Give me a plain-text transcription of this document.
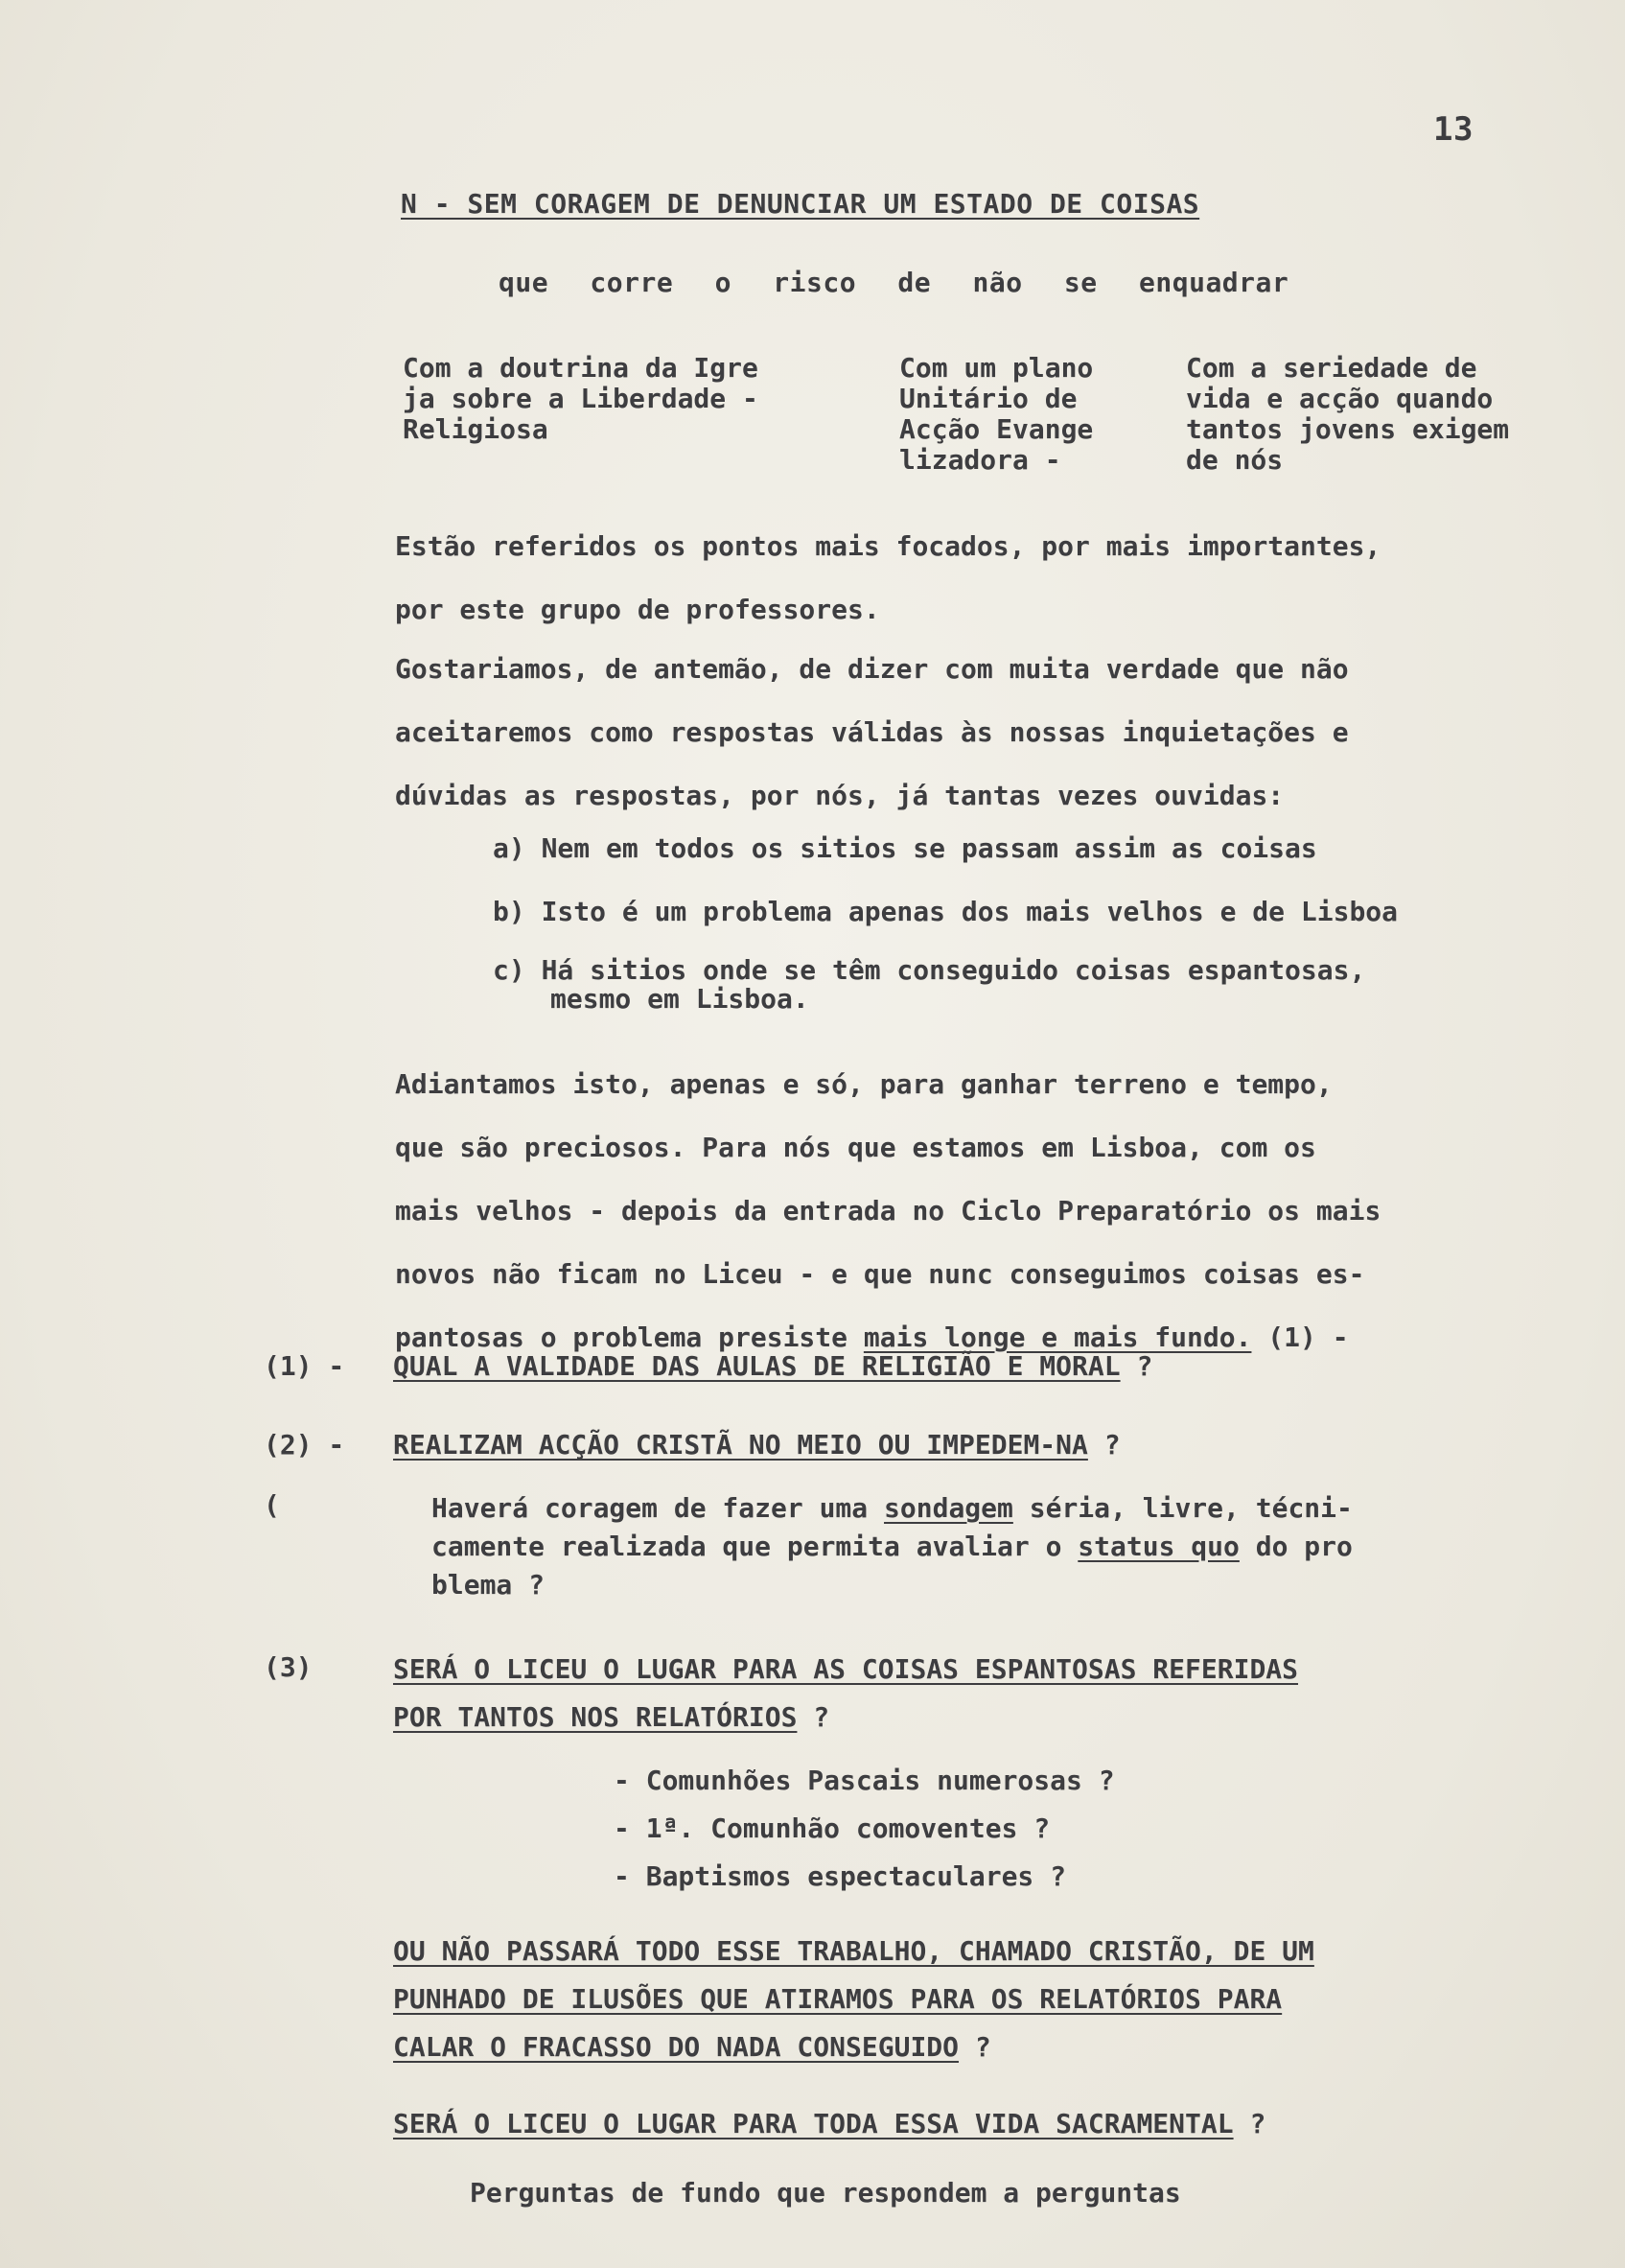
13
N - SEM CORAGEM DE DENUNCIAR UM ESTADO DE COISAS
que corre o risco de não se enquadrar
Com a doutrina da Igre
ja sobre a Liberdade -
Religiosa
Com um plano
Unitário de
Acção Evange
lizadora -
Com a seriedade de
vida e acção quando
tantos jovens exigem
de nós
Estão referidos os pontos mais focados, por mais importantes,
por este grupo de professores.
Gostariamos, de antemão, de dizer com muita verdade que não
aceitaremos como respostas válidas às nossas inquietações e
dúvidas as respostas, por nós, já tantas vezes ouvidas:
a) Nem em todos os sitios se passam assim as coisas
b) Isto é um problema apenas dos mais velhos e de Lisboa
c) Há sitios onde se têm conseguido coisas espantosas,
mesmo em Lisboa.
Adiantamos isto, apenas e só, para ganhar terreno e tempo,
que são preciosos. Para nós que estamos em Lisboa, com os
mais velhos - depois da entrada no Ciclo Preparatório os mais
novos não ficam no Liceu - e que nunc conseguimos coisas es-
pantosas o problema presiste mais longe e mais fundo. (1) -
(1) - QUAL A VALIDADE DAS AULAS DE RELIGIÃO E MORAL ?
(2) - REALIZAM ACÇÃO CRISTÃ NO MEIO OU IMPEDEM-NA ?
(	Haverá coragem de fazer uma sondagem séria, livre, técni-
camente realizada que permita avaliar o status quo do pro
blema ?
(3)	SERÁ O LICEU O LUGAR PARA AS COISAS ESPANTOSAS REFERIDAS
POR TANTOS NOS RELATÓRIOS ?
- Comunhões Pascais numerosas ?
- 1ª. Comunhão comoventes ?
- Baptismos espectaculares ?
OU NÃO PASSARÁ TODO ESSE TRABALHO, CHAMADO CRISTÃO, DE UM
PUNHADO DE ILUSÕES QUE ATIRAMOS PARA OS RELATÓRIOS PARA
CALAR O FRACASSO DO NADA CONSEGUIDO ?
SERÁ O LICEU O LUGAR PARA TODA ESSA VIDA SACRAMENTAL ?
Perguntas de fundo que respondem a perguntas
